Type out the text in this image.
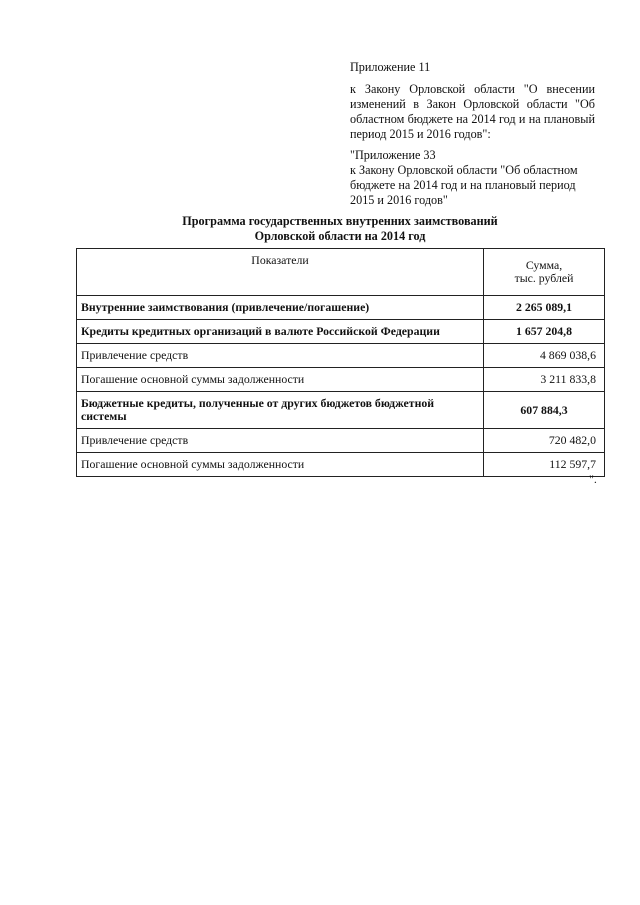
Приложение 11

к Закону Орловской области "О внесении изменений в Закон Орловской области "Об областном бюджете на 2014 год и на плановый период 2015 и 2016 годов":

"Приложение 33

к Закону Орловской области "Об областном бюджете на 2014 год и на плановый период 2015 и 2016 годов"

Программа государственных внутренних заимствований
Орловской области на 2014 год
Показатели	Сумма,
тыс. рублей

Внутренние заимствования (привлечение/погашение)	2 265 089,1
Кредиты кредитных организаций в валюте Российской Федерации	1 657 204,8
Привлечение средств	4 869 038,6
Погашение основной суммы задолженности	3 211 833,8
Бюджетные кредиты, полученные от других бюджетов бюджетной системы	607 884,3
Привлечение средств	720 482,0
Погашение основной суммы задолженности	112 597,7
".
